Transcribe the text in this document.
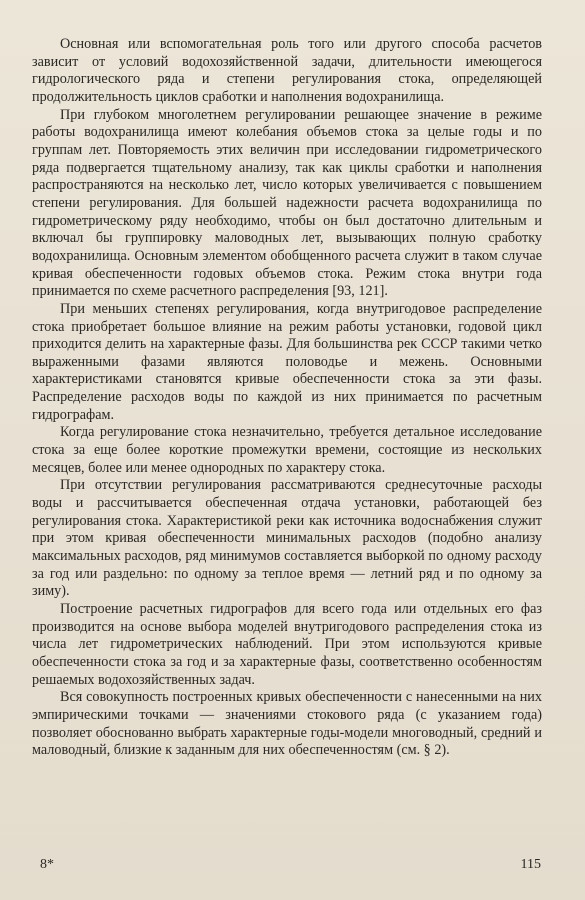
Основная или вспомогательная роль того или другого способа расчетов зависит от условий водохозяйственной задачи, длительности имеющегося гидрологического ряда и степени регулирования стока, определяющей продолжительность циклов сработки и наполнения водохранилища.

При глубоком многолетнем регулировании решающее значение в режиме работы водохранилища имеют колебания объемов стока за целые годы и по группам лет. Повторяемость этих величин при исследовании гидрометрического ряда подвергается тщательному анализу, так как циклы сработки и наполнения распространяются на несколько лет, число которых увеличивается с повышением степени регулирования. Для большей надежности расчета водохранилища по гидрометрическому ряду необходимо, чтобы он был достаточно длительным и включал бы группировку маловодных лет, вызывающих полную сработку водохранилища. Основным элементом обобщенного расчета служит в таком случае кривая обеспеченности годовых объемов стока. Режим стока внутри года принимается по схеме расчетного распределения [93, 121].

При меньших степенях регулирования, когда внутригодовое распределение стока приобретает большое влияние на режим работы установки, годовой цикл приходится делить на характерные фазы. Для большинства рек СССР такими четко выраженными фазами являются половодье и межень. Основными характеристиками становятся кривые обеспеченности стока за эти фазы. Распределение расходов воды по каждой из них принимается по расчетным гидрографам.

Когда регулирование стока незначительно, требуется детальное исследование стока за еще более короткие промежутки времени, состоящие из нескольких месяцев, более или менее однородных по характеру стока.

При отсутствии регулирования рассматриваются среднесуточные расходы воды и рассчитывается обеспеченная отдача установки, работающей без регулирования стока. Характеристикой реки как источника водоснабжения служит при этом кривая обеспеченности минимальных расходов (подобно анализу максимальных расходов, ряд минимумов составляется выборкой по одному расходу за год или раздельно: по одному за теплое время — летний ряд и по одному за зиму).

Построение расчетных гидрографов для всего года или отдельных его фаз производится на основе выбора моделей внутригодового распределения стока из числа лет гидрометрических наблюдений. При этом используются кривые обеспеченности стока за год и за характерные фазы, соответственно особенностям решаемых водохозяйственных задач.

Вся совокупность построенных кривых обеспеченности с нанесенными на них эмпирическими точками — значениями стокового ряда (с указанием года) позволяет обоснованно выбрать характерные годы-модели многоводный, средний и маловодный, близкие к заданным для них обеспеченностям (см. § 2).

8*	115
